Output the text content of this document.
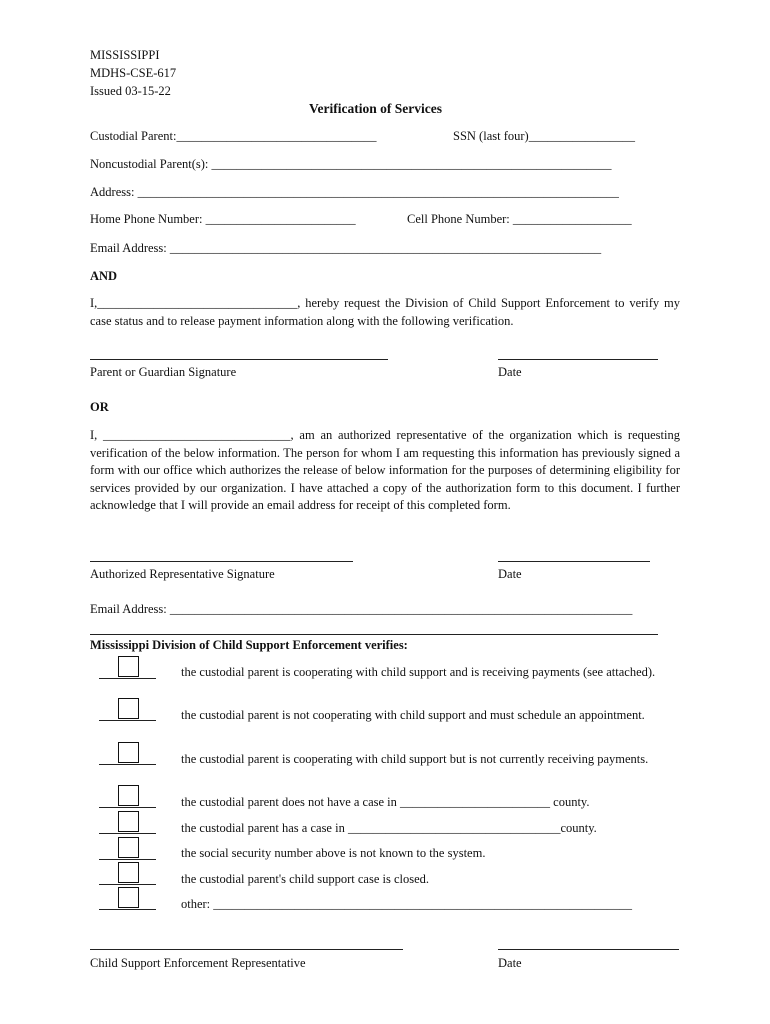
MISSISSIPPI
MDHS-CSE-617
Issued 03-15-22
Verification of Services
Custodial Parent:________________________________	SSN (last four)_________________
Noncustodial Parent(s): ________________________________________________________________
Address: _____________________________________________________________________________
Home Phone Number: ________________________	Cell Phone Number: ___________________
Email Address: _____________________________________________________________________
AND
I,________________________________, hereby request the Division of Child Support Enforcement to verify my case status and to release payment information along with the following verification.
Parent or Guardian Signature	Date
OR
I, ______________________________, am an authorized representative of the organization which is requesting verification of the below information. The person for whom I am requesting this information has previously signed a form with our office which authorizes the release of below information for the purposes of determining eligibility for services provided by our organization. I have attached a copy of the authorization form to this document. I further acknowledge that I will provide an email address for receipt of this completed form.
Authorized Representative Signature	Date
Email Address: __________________________________________________________________________
Mississippi Division of Child Support Enforcement verifies:
the custodial parent is cooperating with child support and is receiving payments (see attached).
the custodial parent is not cooperating with child support and must schedule an appointment.
the custodial parent is cooperating with child support but is not currently receiving payments.
the custodial parent does not have a case in ________________________ county.
the custodial parent has a case in __________________________________county.
the social security number above is not known to the system.
the custodial parent's child support case is closed.
other: ___________________________________________________________________
Child Support Enforcement Representative	Date
